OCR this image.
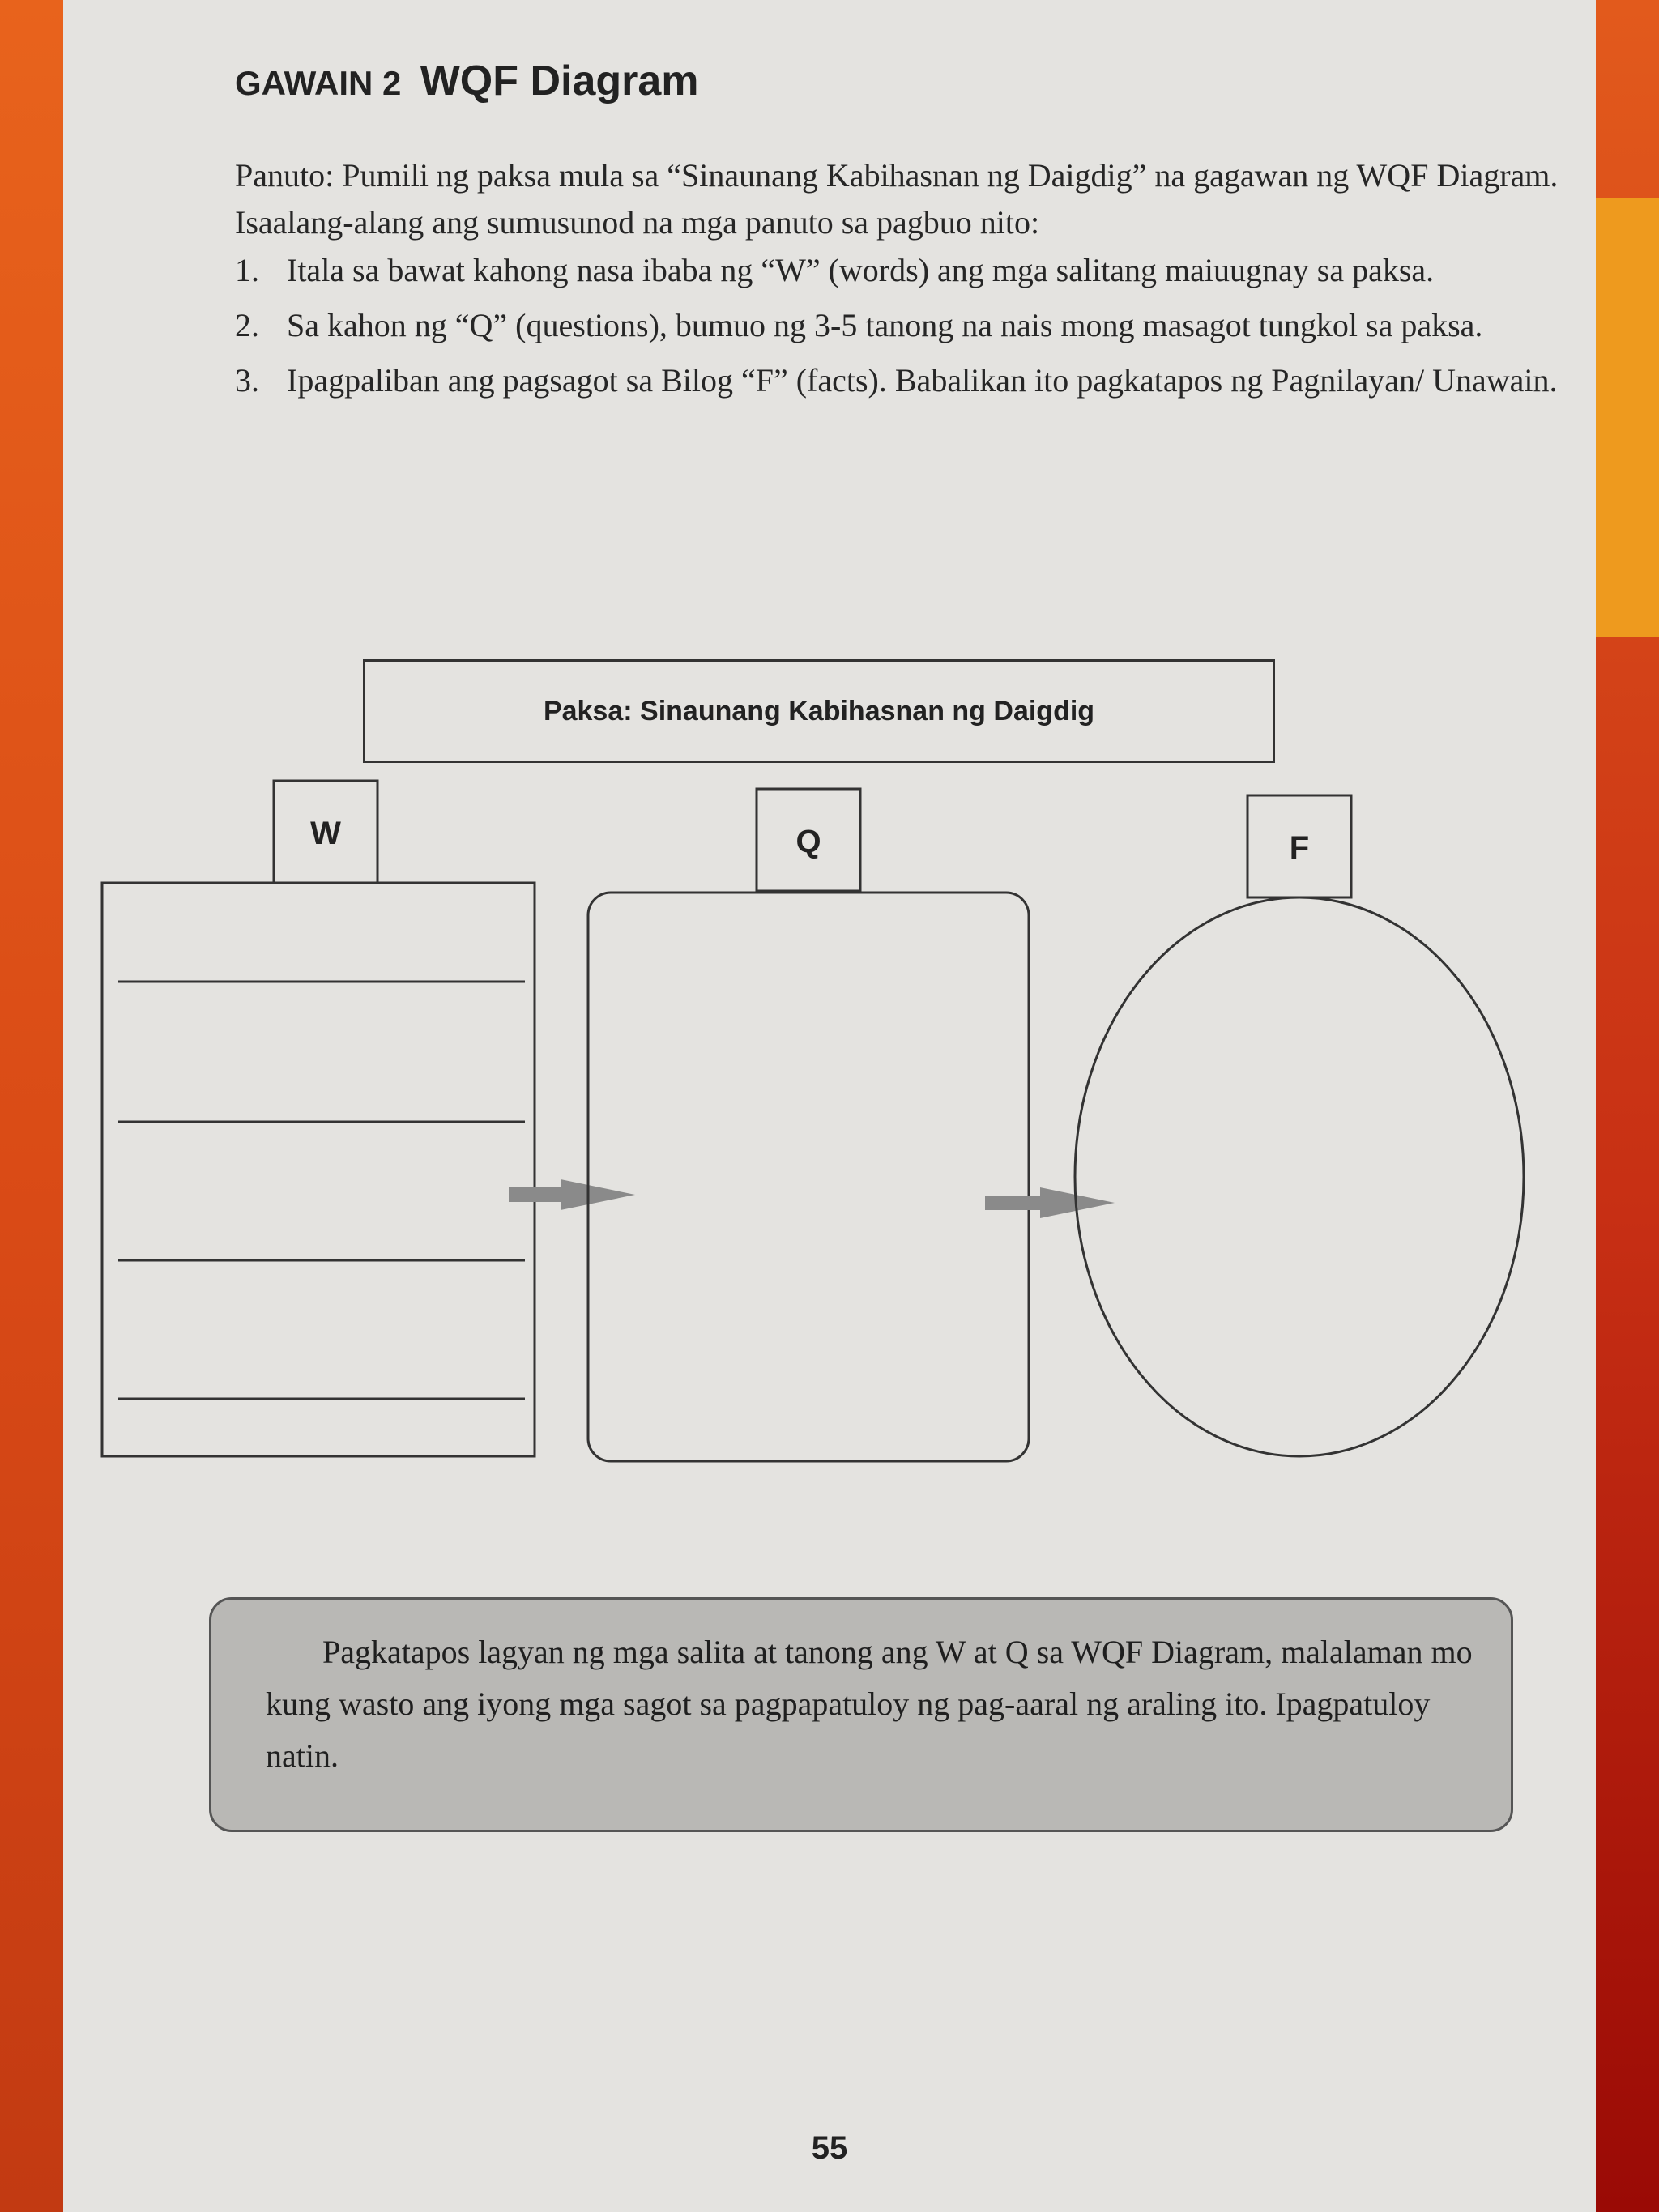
GAWAIN 2 WQF Diagram

Panuto: Pumili ng paksa mula sa “Sinaunang Kabihasnan ng Daigdig” na gagawan ng WQF Diagram. Isaalang-alang ang sumusunod na mga panuto sa pagbuo nito:

1. Itala sa bawat kahong nasa ibaba ng “W” (words) ang mga salitang maiuugnay sa paksa.
2. Sa kahon ng “Q” (questions), bumuo ng 3-5 tanong na nais mong masagot tungkol sa paksa.
3. Ipagpaliban ang pagsagot sa Bilog “F” (facts). Babalikan ito pagkatapos ng Pagnilayan/ Unawain.
Paksa: Sinaunang Kabihasnan ng Daigdig
W	Q	F

Pagkatapos lagyan ng mga salita at tanong ang W at Q sa WQF Diagram, malalaman mo kung wasto ang iyong mga sagot sa pagpapatuloy ng pag-aaral ng araling ito. Ipagpatuloy natin.

55
